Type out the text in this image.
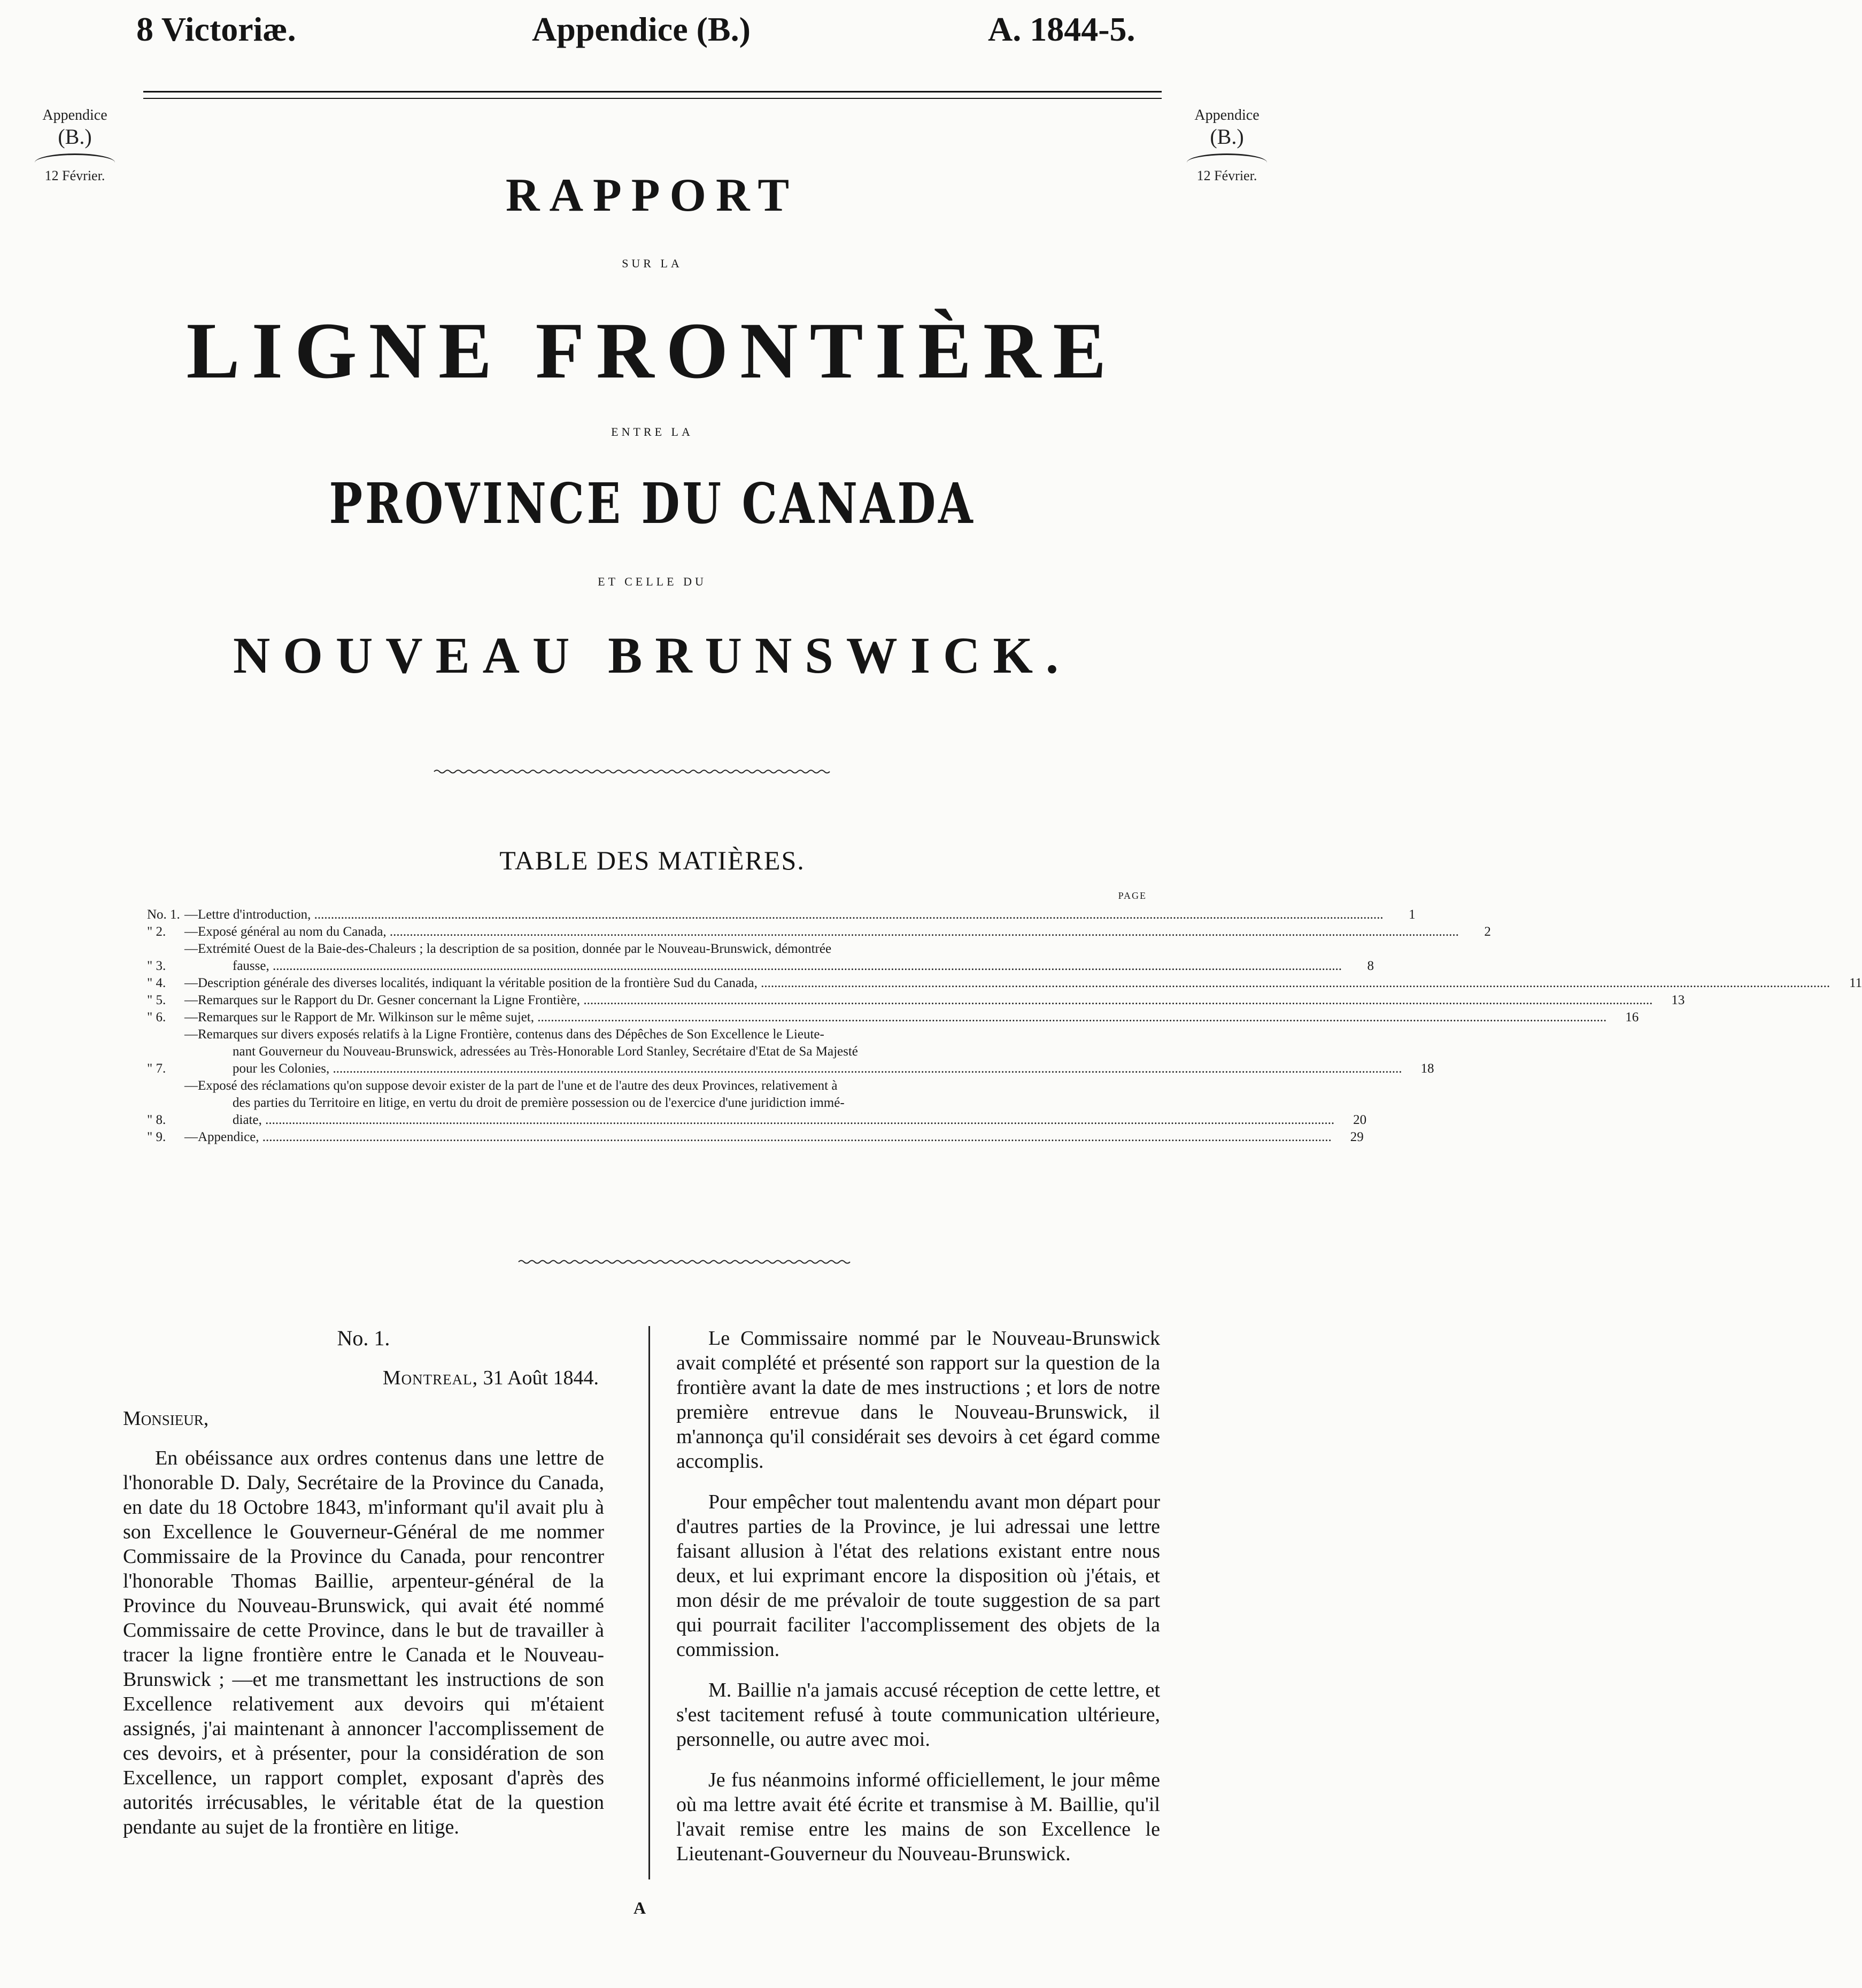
8 Victoriæ.	Appendice (B.)	A. 1844-5.
Appendice
(B.)
12 Février.
Appendice
(B.)
12 Février.
RAPPORT
SUR LA
LIGNE FRONTIÈRE
ENTRE LA
PROVINCE DU CANADA
ET CELLE DU
NOUVEAU BRUNSWICK.
TABLE DES MATIÈRES.
PAGE
No. 1. —Lettre d'introduction, ................................................................................................................................................................................................................................................................................................................................	1
" 2.	—Exposé général au nom du Canada, ................................................................................................................................................................................................................................................................................................................................	2
" 3.
—Extrémité Ouest de la Baie-des-Chaleurs ; la description de sa position, donnée par le Nouveau-Brunswick, démontrée
fausse, ................................................................................................................................................................................................................................................................................................................................	8
" 4.	—Description générale des diverses localités, indiquant la véritable position de la frontière Sud du Canada, ................................................................................................................................................................................................................................................................................................................................	11
" 5.	—Remarques sur le Rapport du Dr. Gesner concernant la Ligne Frontière, ................................................................................................................................................................................................................................................................................................................................	13
" 6.	—Remarques sur le Rapport de Mr. Wilkinson sur le même sujet, ................................................................................................................................................................................................................................................................................................................................	16
" 7.
—Remarques sur divers exposés relatifs à la Ligne Frontière, contenus dans des Dépêches de Son Excellence le Lieute-
nant Gouverneur du Nouveau-Brunswick, adressées au Très-Honorable Lord Stanley, Secrétaire d'Etat de Sa Majesté
pour les Colonies, ................................................................................................................................................................................................................................................................................................................................	18
" 8.
—Exposé des réclamations qu'on suppose devoir exister de la part de l'une et de l'autre des deux Provinces, relativement à
des parties du Territoire en litige, en vertu du droit de première possession ou de l'exercice d'une juridiction immé-
diate, ................................................................................................................................................................................................................................................................................................................................	20
" 9.	—Appendice, ................................................................................................................................................................................................................................................................................................................................	29
No. 1.
Montreal, 31 Août 1844.
Monsieur,

En obéissance aux ordres contenus dans une lettre de l'honorable D. Daly, Secrétaire de la Province du Canada, en date du 18 Octobre 1843, m'informant qu'il avait plu à son Excellence le Gouverneur-Général de me nommer Commissaire de la Province du Canada, pour rencontrer l'honorable Thomas Baillie, arpenteur-général de la Province du Nouveau-Brunswick, qui avait été nommé Commissaire de cette Province, dans le but de travailler à tracer la ligne frontière entre le Canada et le Nouveau-Brunswick ; —et me transmettant les instructions de son Excellence relativement aux devoirs qui m'étaient assignés, j'ai maintenant à annoncer l'accomplissement de ces devoirs, et à présenter, pour la considération de son Excellence, un rapport complet, exposant d'après des autorités irrécusables, le véritable état de la question pendante au sujet de la frontière en litige.

Le Commissaire nommé par le Nouveau-Brunswick avait complété et présenté son rapport sur la question de la frontière avant la date de mes instructions ; et lors de notre première entrevue dans le Nouveau-Brunswick, il m'annonça qu'il considérait ses devoirs à cet égard comme accomplis.

Pour empêcher tout malentendu avant mon départ pour d'autres parties de la Province, je lui adressai une lettre faisant allusion à l'état des relations existant entre nous deux, et lui exprimant encore la disposition où j'étais, et mon désir de me prévaloir de toute suggestion de sa part qui pourrait faciliter l'accomplissement des objets de la commission.

M. Baillie n'a jamais accusé réception de cette lettre, et s'est tacitement refusé à toute communication ultérieure, personnelle, ou autre avec moi.

Je fus néanmoins informé officiellement, le jour même où ma lettre avait été écrite et transmise à M. Baillie, qu'il l'avait remise entre les mains de son Excellence le Lieutenant-Gouverneur du Nouveau-Brunswick.

A
